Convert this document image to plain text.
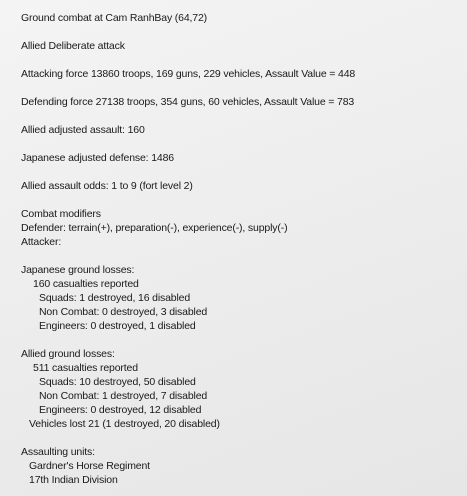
Ground combat at Cam RanhBay (64,72)
Allied Deliberate attack
Attacking force 13860 troops, 169 guns, 229 vehicles, Assault Value = 448
Defending force 27138 troops, 354 guns, 60 vehicles, Assault Value = 783
Allied adjusted assault: 160
Japanese adjusted defense: 1486
Allied assault odds: 1 to 9 (fort level 2)
Combat modifiers
Defender: terrain(+), preparation(-), experience(-), supply(-)
Attacker:
Japanese ground losses:
160 casualties reported
Squads: 1 destroyed, 16 disabled
Non Combat: 0 destroyed, 3 disabled
Engineers: 0 destroyed, 1 disabled
Allied ground losses:
511 casualties reported
Squads: 10 destroyed, 50 disabled
Non Combat: 1 destroyed, 7 disabled
Engineers: 0 destroyed, 12 disabled
Vehicles lost 21 (1 destroyed, 20 disabled)
Assaulting units:
Gardner's Horse Regiment
17th Indian Division
